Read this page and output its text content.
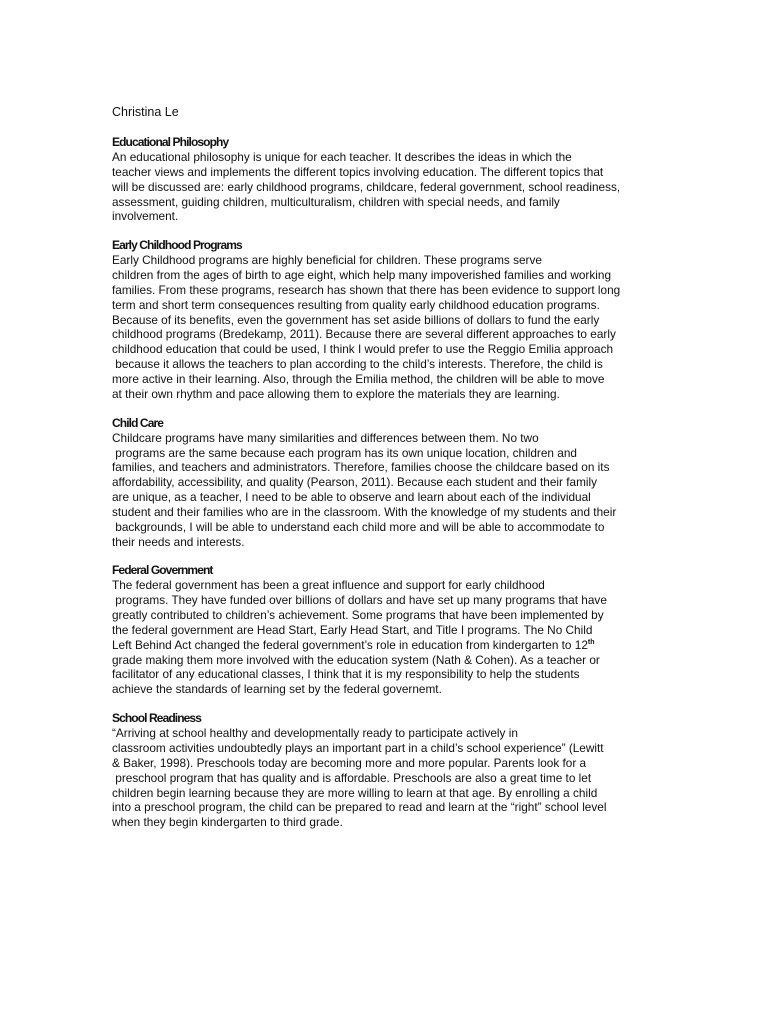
Christina Le

Educational Philosophy

An educational philosophy is unique for each teacher. It describes the ideas in which the

teacher views and implements the different topics involving education. The different topics that

will be discussed are: early childhood programs, childcare, federal government, school readiness,

assessment, guiding children, multiculturalism, children with special needs, and family

involvement.

Early Childhood Programs

Early Childhood programs are highly beneficial for children. These programs serve

children from the ages of birth to age eight, which help many impoverished families and working

families. From these programs, research has shown that there has been evidence to support long

term and short term consequences resulting from quality early childhood education programs.

Because of its benefits, even the government has set aside billions of dollars to fund the early

childhood programs (Bredekamp, 2011). Because there are several different approaches to early

childhood education that could be used, I think I would prefer to use the Reggio Emilia approach

because it allows the teachers to plan according to the child’s interests. Therefore, the child is

more active in their learning. Also, through the Emilia method, the children will be able to move

at their own rhythm and pace allowing them to explore the materials they are learning.

Child Care

Childcare programs have many similarities and differences between them. No two

programs are the same because each program has its own unique location, children and

families, and teachers and administrators. Therefore, families choose the childcare based on its

affordability, accessibility, and quality (Pearson, 2011). Because each student and their family

are unique, as a teacher, I need to be able to observe and learn about each of the individual

student and their families who are in the classroom. With the knowledge of my students and their

backgrounds, I will be able to understand each child more and will be able to accommodate to

their needs and interests.

Federal Government

The federal government has been a great influence and support for early childhood

programs. They have funded over billions of dollars and have set up many programs that have

greatly contributed to children’s achievement. Some programs that have been implemented by

the federal government are Head Start, Early Head Start, and Title I programs. The No Child

Left Behind Act changed the federal government’s role in education from kindergarten to 12th

grade making them more involved with the education system (Nath & Cohen). As a teacher or

facilitator of any educational classes, I think that it is my responsibility to help the students

achieve the standards of learning set by the federal governemt.

School Readiness

“Arriving at school healthy and developmentally ready to participate actively in

classroom activities undoubtedly plays an important part in a child’s school experience” (Lewitt

& Baker, 1998). Preschools today are becoming more and more popular. Parents look for a

preschool program that has quality and is affordable. Preschools are also a great time to let

children begin learning because they are more willing to learn at that age. By enrolling a child

into a preschool program, the child can be prepared to read and learn at the “right” school level

when they begin kindergarten to third grade.
